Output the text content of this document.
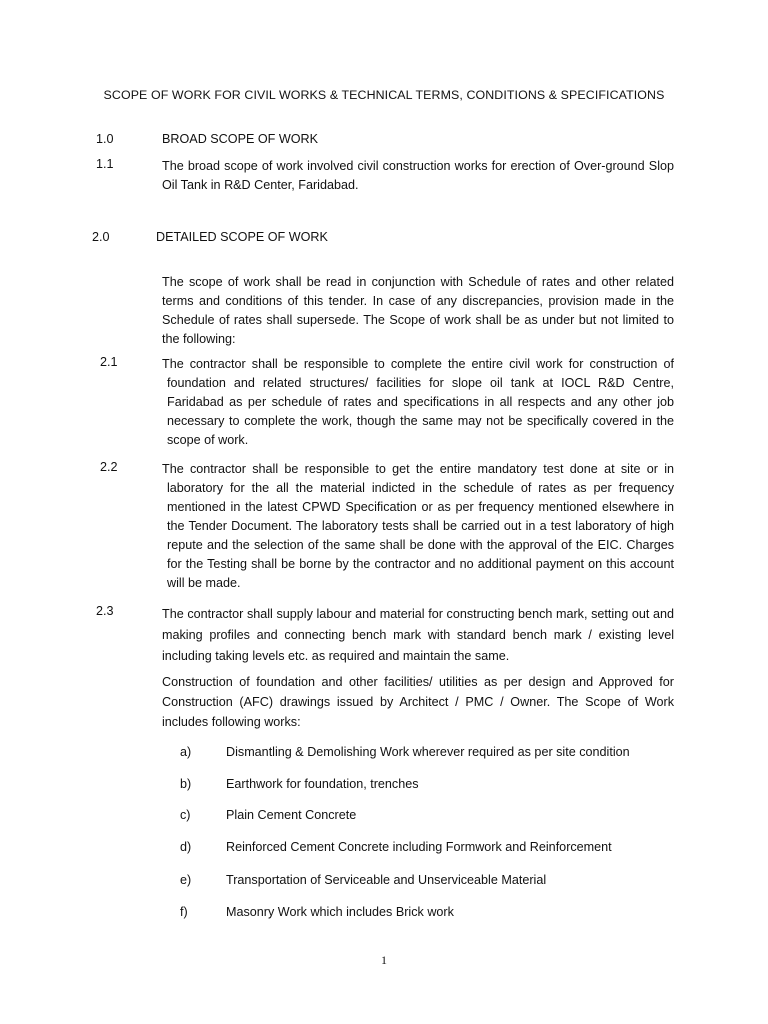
SCOPE OF WORK FOR CIVIL WORKS & TECHNICAL TERMS, CONDITIONS & SPECIFICATIONS
1.0	BROAD SCOPE OF WORK
1.1	The broad scope of work involved civil construction works for erection of Over-ground Slop Oil Tank in R&D Center, Faridabad.
2.0	DETAILED SCOPE OF WORK
The scope of work shall be read in conjunction with Schedule of rates and other related terms and conditions of this tender. In case of any discrepancies, provision made in the Schedule of rates shall supersede. The Scope of work shall be as under but not limited to the following:
2.1	The contractor shall be responsible to complete the entire civil work for construction of foundation and related structures/ facilities for slope oil tank at IOCL R&D Centre, Faridabad as per schedule of rates and specifications in all respects and any other job necessary to complete the work, though the same may not be specifically covered in the scope of work.
2.2	The contractor shall be responsible to get the entire mandatory test done at site or in laboratory for the all the material indicted in the schedule of rates as per frequency mentioned in the latest CPWD Specification or as per frequency mentioned elsewhere in the Tender Document. The laboratory tests shall be carried out in a test laboratory of high repute and the selection of the same shall be done with the approval of the EIC. Charges for the Testing shall be borne by the contractor and no additional payment on this account will be made.
2.3	The contractor shall supply labour and material for constructing bench mark, setting out and making profiles and connecting bench mark with standard bench mark / existing level including taking levels etc. as required and maintain the same.
Construction of foundation and other facilities/ utilities as per design and Approved for Construction (AFC) drawings issued by Architect / PMC / Owner. The Scope of Work includes following works:
a)	Dismantling & Demolishing Work wherever required as per site condition
b)	Earthwork for foundation, trenches
c)	Plain Cement Concrete
d)	Reinforced Cement Concrete including Formwork and Reinforcement
e)	Transportation of Serviceable and Unserviceable Material
f)	Masonry Work which includes Brick work
1
